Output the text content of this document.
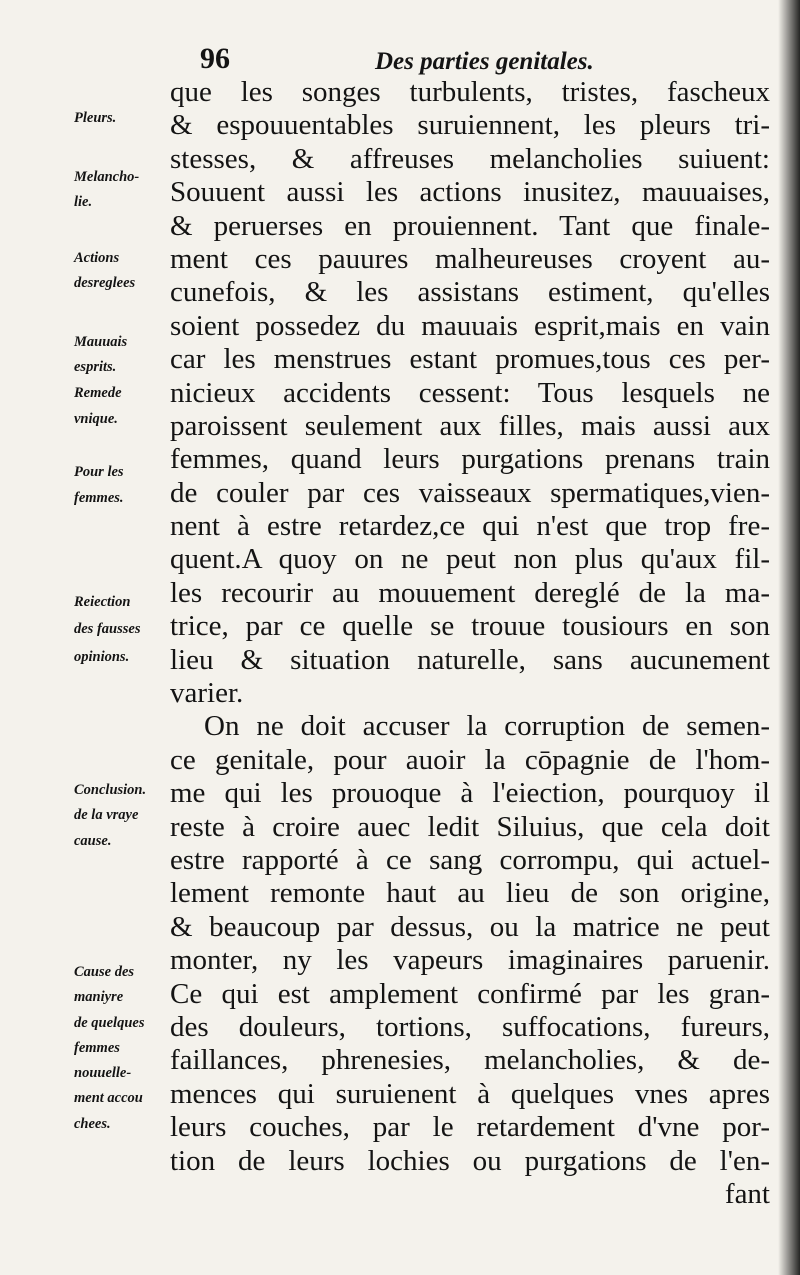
96	Des parties genitales.
Pleurs.
Melancho-
lie.
Actions
desreglees
Mauuais
esprits.
Remede
vnique.
Pour les
femmes.
Reiection
des fausses
opinions.
Conclusion.
de la vraye
cause.
Cause des
maniyre
de quelques
femmes
nouuelle-
ment accou
chees.
que les songes turbulents, tristes, fascheux
& espouuentables suruiennent, les pleurs tri-
stesses, & affreuses melancholies suiuent:
Souuent aussi les actions inusitez, mauuaises,
& peruerses en prouiennent. Tant que finale-
ment ces pauures malheureuses croyent au-
cunefois, & les assistans estiment, qu'elles
soient possedez du mauuais esprit,mais en vain
car les menstrues estant promues,tous ces per-
nicieux accidents cessent: Tous lesquels ne
paroissent seulement aux filles, mais aussi aux
femmes, quand leurs purgations prenans train
de couler par ces vaisseaux spermatiques,vien-
nent à estre retardez,ce qui n'est que trop fre-
quent.A quoy on ne peut non plus qu'aux fil-
les recourir au mouuement dereglé de la ma-
trice, par ce quelle se trouue tousiours en son
lieu & situation naturelle, sans aucunement
varier.
On ne doit accuser la corruption de semen-
ce genitale, pour auoir la cōpagnie de l'hom-
me qui les prouoque à l'eiection, pourquoy il
reste à croire auec ledit Siluius, que cela doit
estre rapporté à ce sang corrompu, qui actuel-
lement remonte haut au lieu de son origine,
& beaucoup par dessus, ou la matrice ne peut
monter, ny les vapeurs imaginaires paruenir.
Ce qui est amplement confirmé par les gran-
des douleurs, tortions, suffocations, fureurs,
faillances, phrenesies, melancholies, & de-
mences qui suruienent à quelques vnes apres
leurs couches, par le retardement d'vne por-
tion de leurs lochies ou purgations de l'en-
fant
